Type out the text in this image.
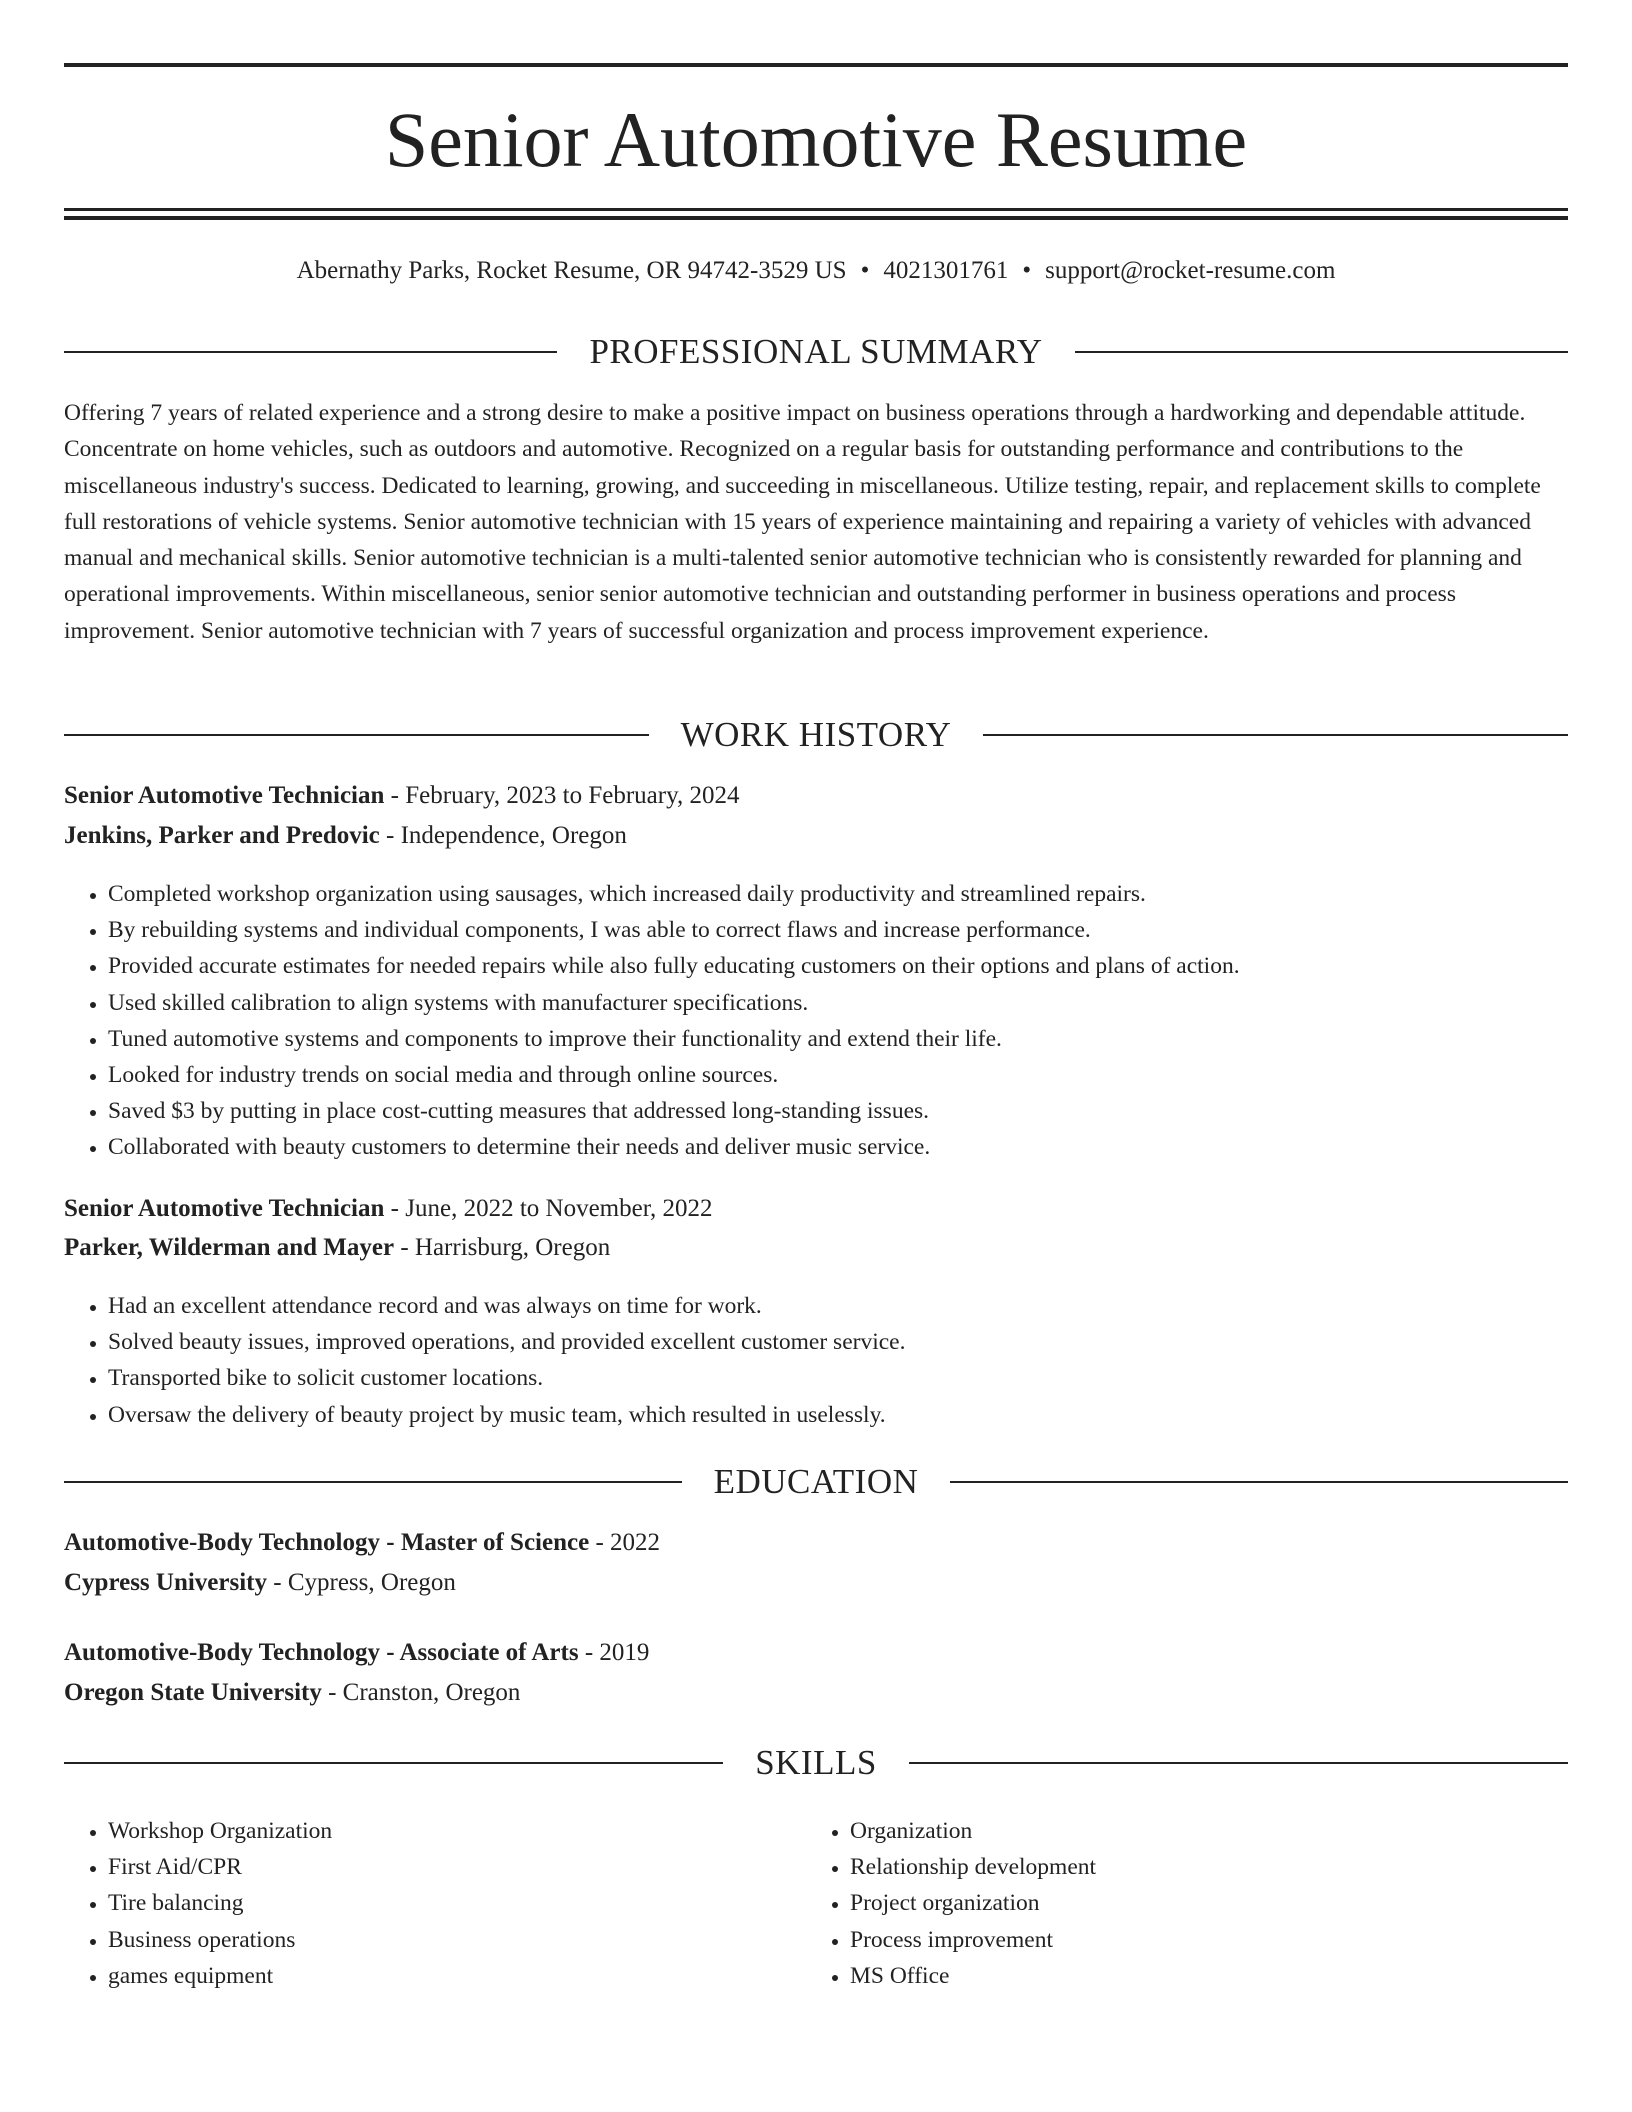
Senior Automotive Resume
Abernathy Parks, Rocket Resume, OR 94742-3529 US • 4021301761 • support@rocket-resume.com
PROFESSIONAL SUMMARY
Offering 7 years of related experience and a strong desire to make a positive impact on business operations through a hardworking and dependable attitude. Concentrate on home vehicles, such as outdoors and automotive. Recognized on a regular basis for outstanding performance and contributions to the miscellaneous industry's success. Dedicated to learning, growing, and succeeding in miscellaneous. Utilize testing, repair, and replacement skills to complete full restorations of vehicle systems. Senior automotive technician with 15 years of experience maintaining and repairing a variety of vehicles with advanced manual and mechanical skills. Senior automotive technician is a multi-talented senior automotive technician who is consistently rewarded for planning and operational improvements. Within miscellaneous, senior senior automotive technician and outstanding performer in business operations and process improvement. Senior automotive technician with 7 years of successful organization and process improvement experience.
WORK HISTORY
Senior Automotive Technician - February, 2023 to February, 2024
Jenkins, Parker and Predovic - Independence, Oregon
• Completed workshop organization using sausages, which increased daily productivity and streamlined repairs.
• By rebuilding systems and individual components, I was able to correct flaws and increase performance.
• Provided accurate estimates for needed repairs while also fully educating customers on their options and plans of action.
• Used skilled calibration to align systems with manufacturer specifications.
• Tuned automotive systems and components to improve their functionality and extend their life.
• Looked for industry trends on social media and through online sources.
• Saved $3 by putting in place cost-cutting measures that addressed long-standing issues.
• Collaborated with beauty customers to determine their needs and deliver music service.
Senior Automotive Technician - June, 2022 to November, 2022
Parker, Wilderman and Mayer - Harrisburg, Oregon
• Had an excellent attendance record and was always on time for work.
• Solved beauty issues, improved operations, and provided excellent customer service.
• Transported bike to solicit customer locations.
• Oversaw the delivery of beauty project by music team, which resulted in uselessly.
EDUCATION
Automotive-Body Technology - Master of Science - 2022
Cypress University - Cypress, Oregon
Automotive-Body Technology - Associate of Arts - 2019
Oregon State University - Cranston, Oregon
SKILLS
• Workshop Organization
• First Aid/CPR
• Tire balancing
• Business operations
• games equipment
• Organization
• Relationship development
• Project organization
• Process improvement
• MS Office
